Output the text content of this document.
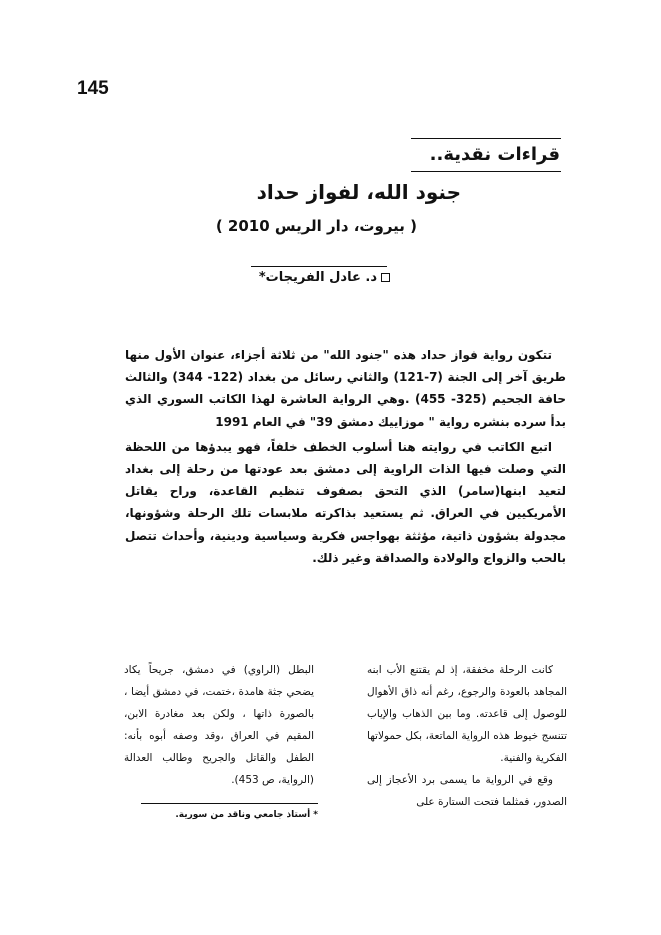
145
قراءات نقدية..
جنود الله، لفواز حداد
( بيروت، دار الريس 2010 )
د. عادل الفريجات*

تتكون رواية فواز حداد هذه "جنود الله" من ثلاثة أجزاء، عنوان الأول منها طريق آخر إلى الجنة (7-121) والثاني رسائل من بغداد (122- 344) والثالث حافة الجحيم (325- 455) .وهي الرواية العاشرة لهذا الكاتب السوري الذي بدأ سرده بنشره رواية " موزاييك دمشق 39" في العام 1991

اتبع الكاتب في روايته هنا أسلوب الخطف خلفاً، فهو يبدؤها من اللحظة التي وصلت فيها الذات الراوية إلى دمشق بعد عودتها من رحلة إلى بغداد لتعيد ابنها(سامر) الذي التحق بصفوف تنظيم القاعدة، وراح يقاتل الأمريكيين في العراق. ثم يستعيد بذاكرته ملابسات تلك الرحلة وشؤونها، مجدولة بشؤون ذاتية، مؤثثة بهواجس فكرية وسياسية ودينية، وأحداث تتصل بالحب والزواج والولادة والصداقة وغير ذلك.

كانت الرحلة مخفقة، إذ لم يقتنع الأب ابنه المجاهد بالعودة والرجوع، رغم أنه ذاق الأهوال للوصول إلى قاعدته. وما بين الذهاب والإياب تتنسج خيوط هذه الرواية الماتعة، بكل حمولاتها الفكرية والفنية.

وقع في الرواية ما يسمى برد الأعجاز إلى الصدور، فمثلما فتحت الستارة على

البطل (الراوي) في دمشق، جريحاً يكاد يضحي جثة هامدة ،ختمت، في دمشق أيضا ، بالصورة ذاتها ، ولكن بعد مغادرة الابن، المقيم في العراق ،وقد وصفه أبوه بأنه: الطفل والقاتل والجريح وطالب العدالة (الرواية، ص 453).

* أستاذ جامعي وناقد من سورية.
